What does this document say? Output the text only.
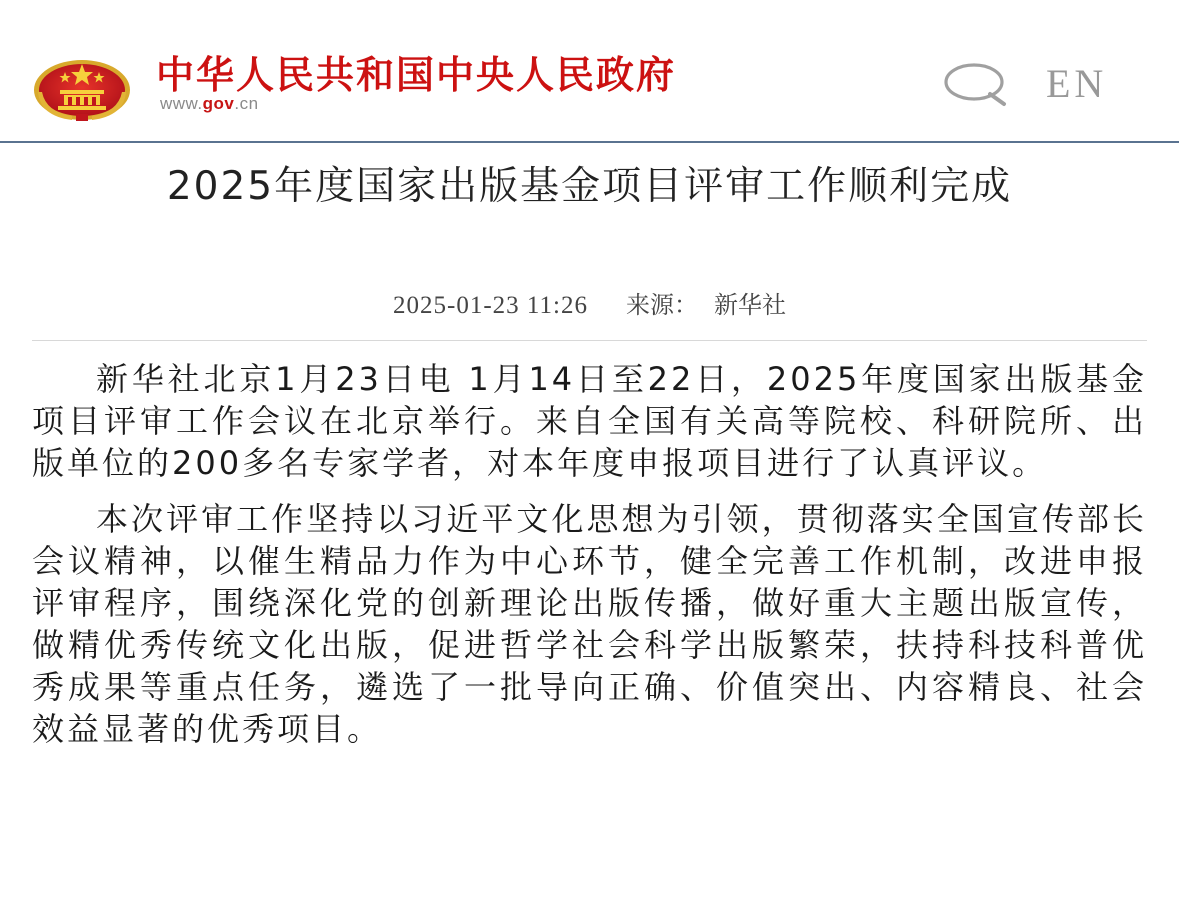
中华人民共和国中央人民政府
www.gov.cn	EN
2025年度国家出版基金项目评审工作顺利完成
2025-01-23 11:26 来源： 新华社

新华社北京1月23日电 1月14日至22日，2025年度国家出版基金项目评审工作会议在北京举行。来自全国有关高等院校、科研院所、出版单位的200多名专家学者，对本年度申报项目进行了认真评议。

本次评审工作坚持以习近平文化思想为引领，贯彻落实全国宣传部长会议精神，以催生精品力作为中心环节，健全完善工作机制，改进申报评审程序，围绕深化党的创新理论出版传播，做好重大主题出版宣传，做精优秀传统文化出版，促进哲学社会科学出版繁荣，扶持科技科普优秀成果等重点任务，遴选了一批导向正确、价值突出、内容精良、社会效益显著的优秀项目。
